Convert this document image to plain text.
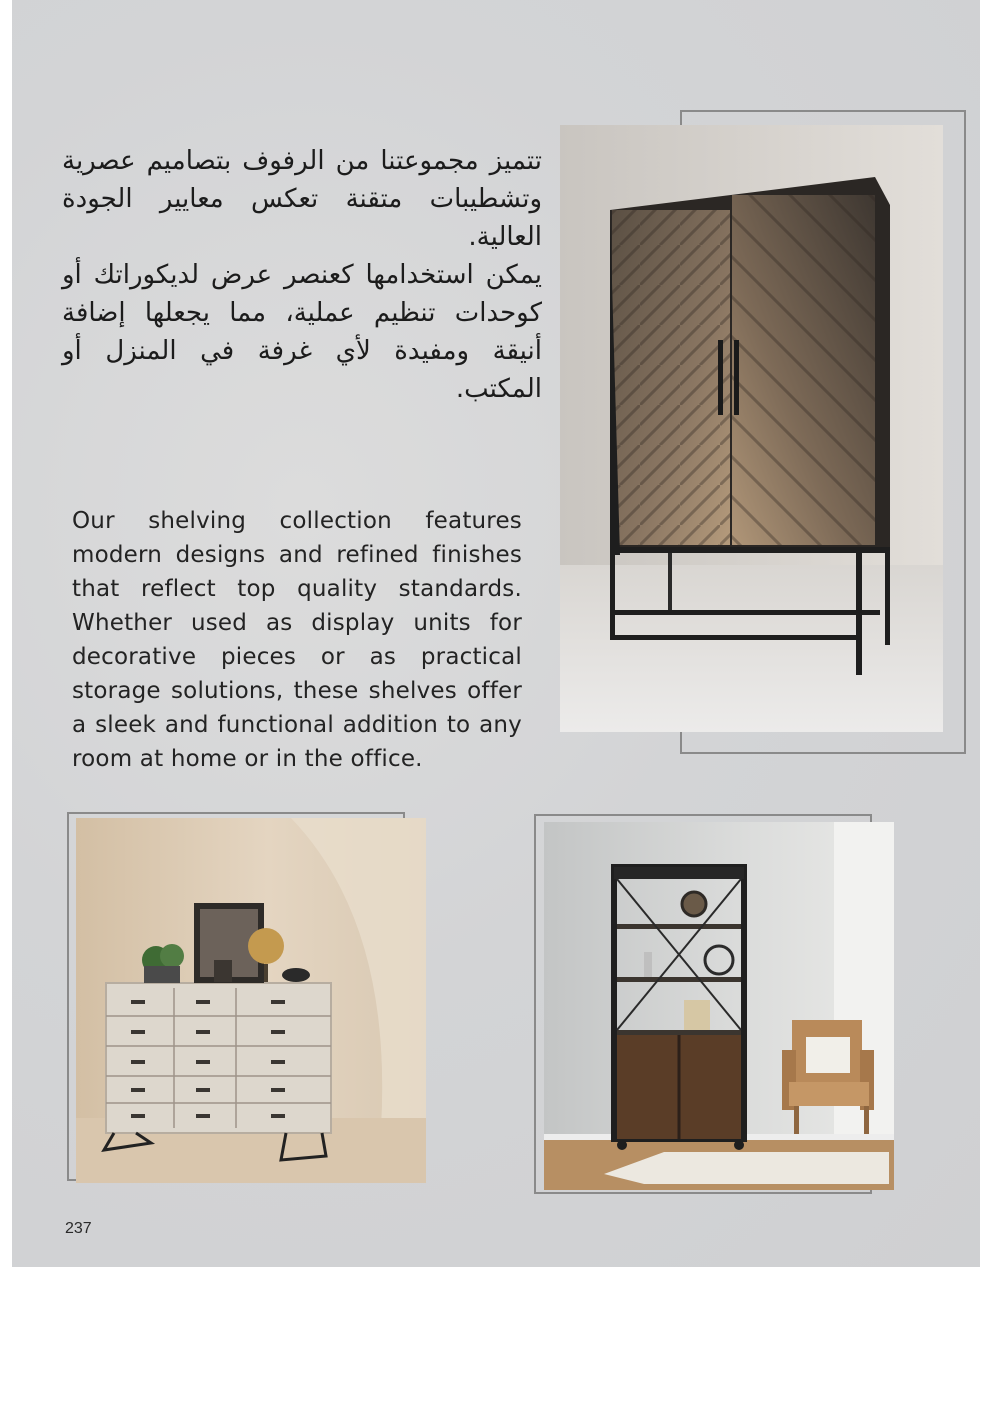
تتميز مجموعتنا من الرفوف بتصاميم عصرية وتشطيبات متقنة تعكس معايير الجودة العالية.

يمكن استخدامها كعنصر عرض لديكوراتك أو كوحدات تنظيم عملية، مما يجعلها إضافة أنيقة ومفيدة لأي غرفة في المنزل أو المكتب.

Our shelving collection features modern designs and refined finishes that reflect top quality standards. Whether used as display units for decorative pieces or as practical storage solutions, these shelves offer a sleek and functional addition to any room at home or in the office.
237
